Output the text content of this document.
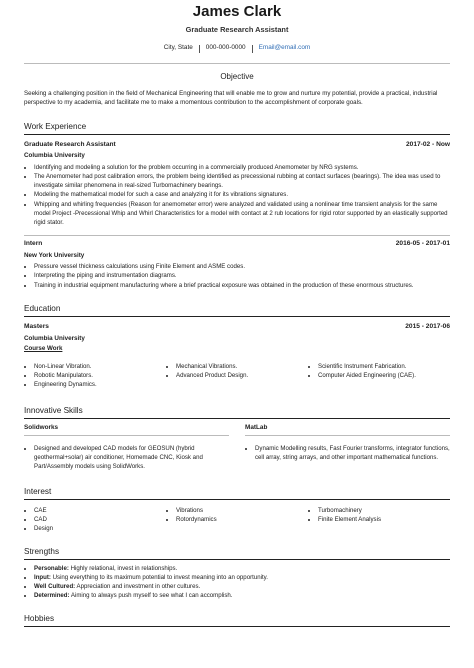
James Clark
Graduate Research Assistant
City, State	000-000-0000	Email@email.com
Objective
Seeking a challenging position in the field of Mechanical Engineering that will enable me to grow and nurture my potential, provide a practical, industrial perspective to my academia, and facilitate me to make a momentous contribution to the accomplishment of corporate goals.
Work Experience
Graduate Research Assistant	2017-02 - Now
Columbia University
• Identifying and modeling a solution for the problem occurring in a commercially produced Anemometer by NRG systems.
• The Anemometer had post calibration errors, the problem being identified as precessional rubbing at contact surfaces (bearings). The idea was used to investigate similar phenomena in real-sized Turbomachinery bearings.
• Modeling the mathematical model for such a case and analyzing it for its vibrations signatures.
• Whipping and whirling frequencies (Reason for anemometer error) were analyzed and validated using a nonlinear time transient analysis for the same model Project -Precessional Whip and Whirl Characteristics for a model with contact at 2 rub locations for rigid rotor supported by an elastically supported rigid stator.
Intern	2016-05 - 2017-01
New York University
• Pressure vessel thickness calculations using Finite Element and ASME codes.
• Interpreting the piping and instrumentation diagrams.
• Training in industrial equipment manufacturing where a brief practical exposure was obtained in the production of these enormous structures.
Education
Masters	2015 - 2017-06
Columbia University
Course Work
• Non-Linear Vibration.
• Robotic Manipulators.
• Engineering Dynamics.
• Mechanical Vibrations.
• Advanced Product Design.
• Scientific Instrument Fabrication.
• Computer Aided Engineering (CAE).
Innovative Skills
Solidworks
• Designed and developed CAD models for GEOSUN (hybrid geothermal+solar) air conditioner, Homemade CNC, Kiosk and Part/Assembly models using SolidWorks.
MatLab
• Dynamic Modelling results, Fast Fourier transforms, integrator functions, cell array, string arrays, and other important mathematical functions.
Interest
• CAE
• CAD
• Design
• Vibrations
• Rotordynamics
• Turbomachinery
• Finite Element Analysis
Strengths
• Personable: Highly relational, invest in relationships.
• Input: Using everything to its maximum potential to invest meaning into an opportunity.
• Well Cultured: Appreciation and investment in other cultures.
• Determined: Aiming to always push myself to see what I can accomplish.
Hobbies
